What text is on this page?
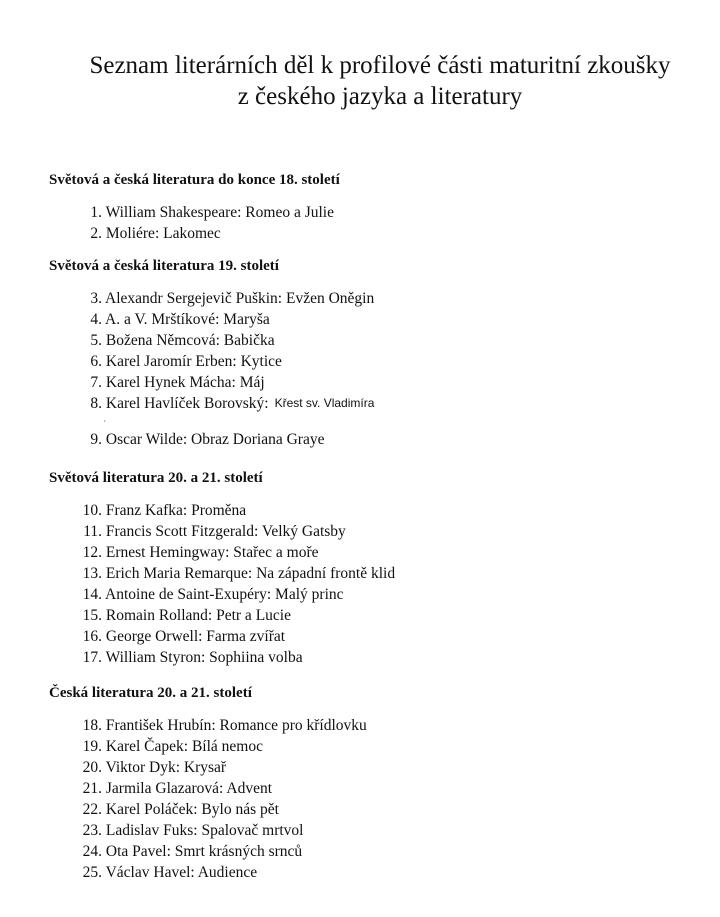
Seznam literárních děl k profilové části maturitní zkoušky
z českého jazyka a literatury
Světová a česká literatura do konce 18. století
1. William Shakespeare: Romeo a Julie
2. Moliére: Lakomec
Světová a česká literatura 19. století
3. Alexandr Sergejevič Puškin: Evžen Oněgin
4. A. a V. Mrštíkové: Maryša
5. Božena Němcová: Babička
6. Karel Jaromír Erben: Kytice
7. Karel Hynek Mácha: Máj
8. Karel Havlíček Borovský: Křest sv. Vladimíra
9. Oscar Wilde: Obraz Doriana Graye
´
Světová literatura 20. a 21. století
10. Franz Kafka: Proměna
11. Francis Scott Fitzgerald: Velký Gatsby
12. Ernest Hemingway: Stařec a moře
13. Erich Maria Remarque: Na západní frontě klid
14. Antoine de Saint-Exupéry: Malý princ
15. Romain Rolland: Petr a Lucie
16. George Orwell: Farma zvířat
17. William Styron: Sophiina volba
Česká literatura 20. a 21. století
18. František Hrubín: Romance pro křídlovku
19. Karel Čapek: Bílá nemoc
20. Viktor Dyk: Krysař
21. Jarmila Glazarová: Advent
22. Karel Poláček: Bylo nás pět
23. Ladislav Fuks: Spalovač mrtvol
24. Ota Pavel: Smrt krásných srnců
25. Václav Havel: Audience
